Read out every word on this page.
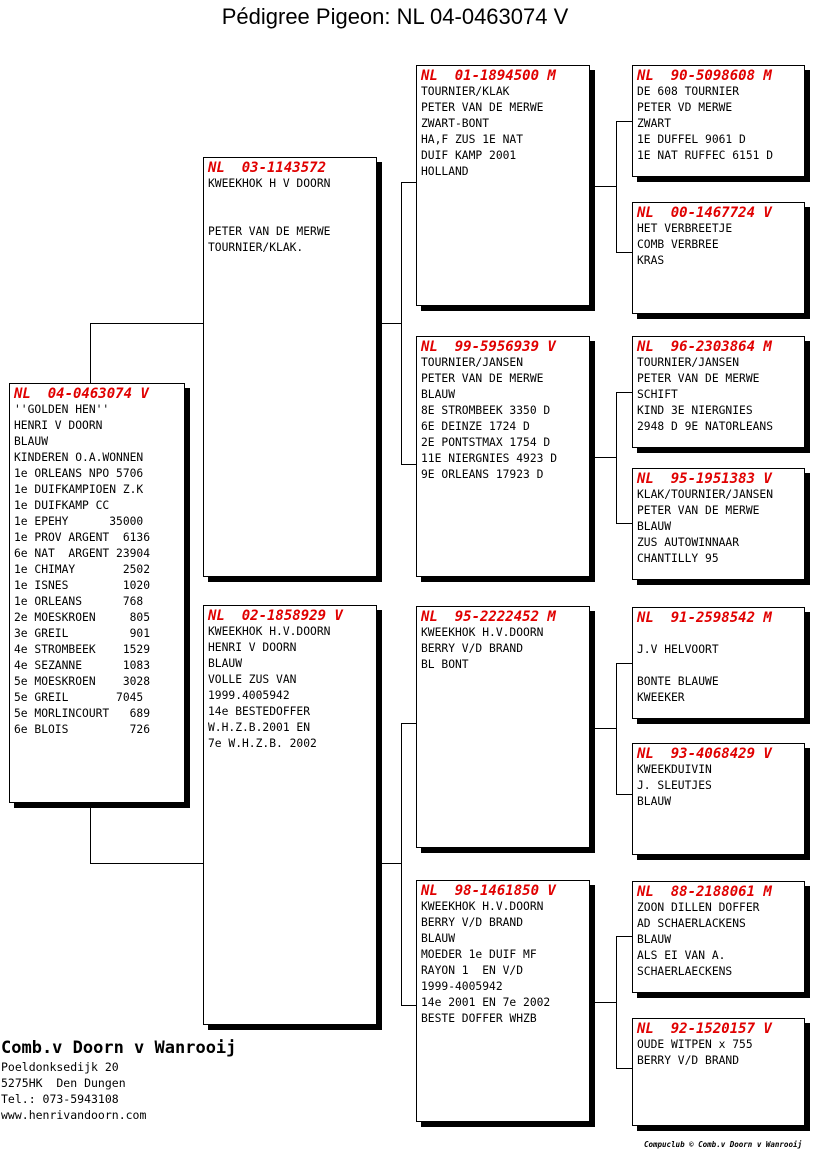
Pédigree Pigeon: NL 04-0463074 V
NL  04-0463074 V
''GOLDEN HEN''
HENRI V DOORN
BLAUW
KINDEREN O.A.WONNEN
1e ORLEANS NPO 5706
1e DUIFKAMPIOEN Z.K
1e DUIFKAMP CC
1e EPEHY      35000
1e PROV ARGENT  6136
6e NAT  ARGENT 23904
1e CHIMAY       2502
1e ISNES        1020
1e ORLEANS      768
2e MOESKROEN     805
3e GREIL         901
4e STROMBEEK    1529
4e SEZANNE      1083
5e MOESKROEN    3028
5e GREIL       7045
5e MORLINCOURT   689
6e BLOIS         726
NL  03-1143572
KWEEKHOK H V DOORN
PETER VAN DE MERWE
TOURNIER/KLAK.
NL  02-1858929 V
KWEEKHOK H.V.DOORN
HENRI V DOORN
BLAUW
VOLLE ZUS VAN
1999.4005942
14e BESTEDOFFER
W.H.Z.B.2001 EN
7e W.H.Z.B. 2002
NL  01-1894500 M
TOURNIER/KLAK
PETER VAN DE MERWE
ZWART-BONT
HA,F ZUS 1E NAT
DUIF KAMP 2001
HOLLAND
NL  99-5956939 V
TOURNIER/JANSEN
PETER VAN DE MERWE
BLAUW
8E STROMBEEK 3350 D
6E DEINZE 1724 D
2E PONTSTMAX 1754 D
11E NIERGNIES 4923 D
9E ORLEANS 17923 D
NL  95-2222452 M
KWEEKHOK H.V.DOORN
BERRY V/D BRAND
BL BONT
NL  98-1461850 V
KWEEKHOK H.V.DOORN
BERRY V/D BRAND
BLAUW
MOEDER 1e DUIF MF
RAYON 1  EN V/D
1999-4005942
14e 2001 EN 7e 2002
BESTE DOFFER WHZB
NL  90-5098608 M
DE 608 TOURNIER
PETER VD MERWE
ZWART
1E DUFFEL 9061 D
1E NAT RUFFEC 6151 D
NL  00-1467724 V
HET VERBREETJE
COMB VERBREE
KRAS
NL  96-2303864 M
TOURNIER/JANSEN
PETER VAN DE MERWE
SCHIFT
KIND 3E NIERGNIES
2948 D 9E NATORLEANS
NL  95-1951383 V
KLAK/TOURNIER/JANSEN
PETER VAN DE MERWE
BLAUW
ZUS AUTOWINNAAR
CHANTILLY 95
NL  91-2598542 M
J.V HELVOORT
BONTE BLAUWE
KWEEKER
NL  93-4068429 V
KWEEKDUIVIN
J. SLEUTJES
BLAUW
NL  88-2188061 M
ZOON DILLEN DOFFER
AD SCHAERLACKENS
BLAUW
ALS EI VAN A.
SCHAERLAECKENS
NL  92-1520157 V
OUDE WITPEN x 755
BERRY V/D BRAND
Comb.v Doorn v Wanrooij
Poeldonksedijk 20
5275HK  Den Dungen
Tel.: 073-5943108
www.henrivandoorn.com
Compuclub © Comb.v Doorn v Wanrooij
